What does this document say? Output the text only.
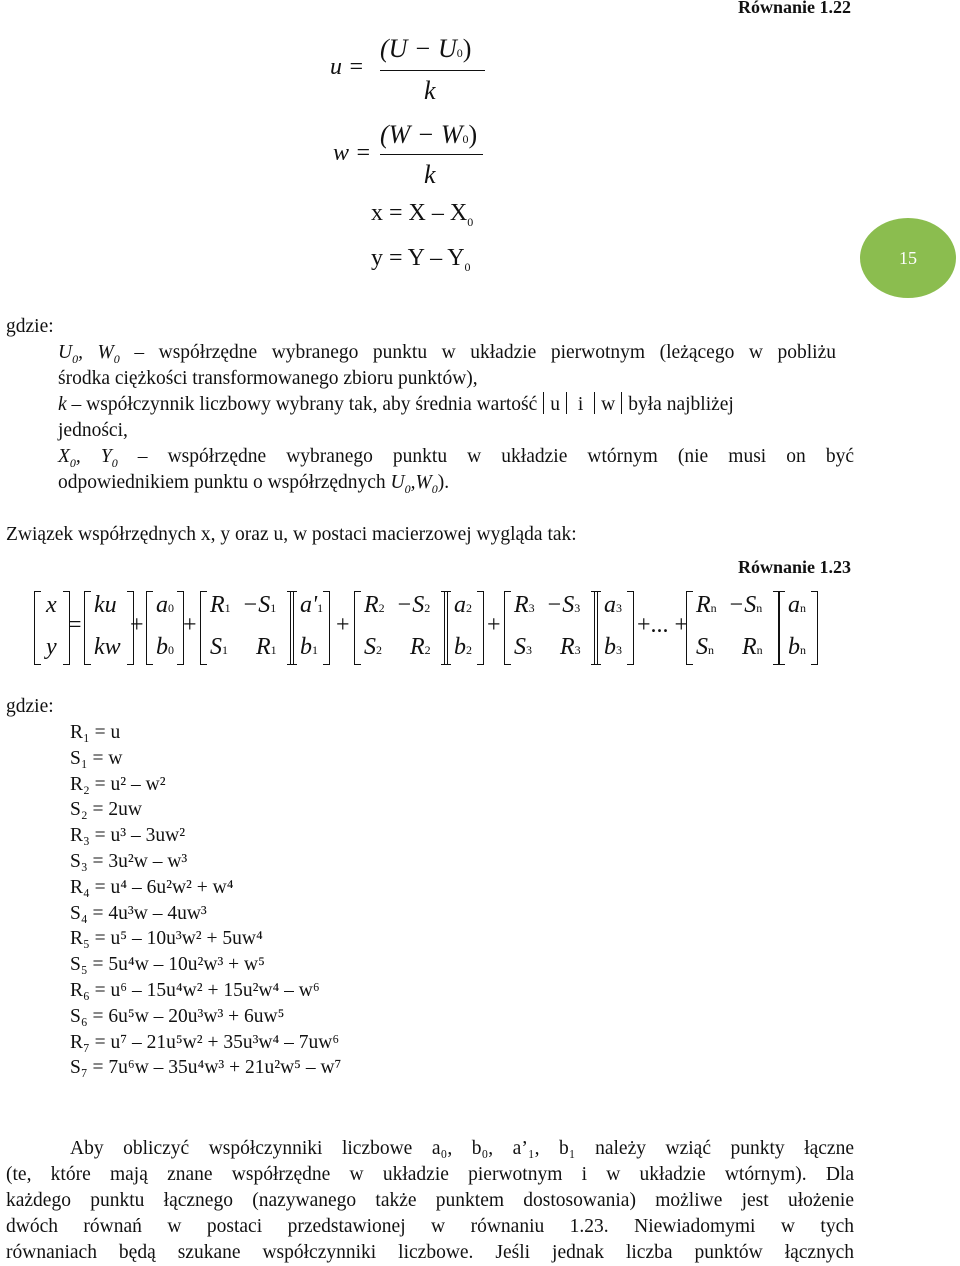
Równanie 1.22
15
u =
(U − U0)
k
w =
(W − W0)
k
$x = X - X_0$
$y = Y - Y_0$
gdzie:
$U_0$, $W_0$ – współrzędne wybranego punktu w układzie pierwotnym (leżącego w pobliżu
środka ciężkości transformowanego zbioru punktów),
k – współczynnik liczbowy wybrany tak, aby średnia wartość u i w była najbliżej
jedności,
$X_0$, $Y_0$ – współrzędne wybranego punktu w układzie wtórnym (nie musi on być
odpowiednikiem punktu o współrzędnych $U_0,W_0$).
Związek współrzędnych x, y oraz u, w postaci macierzowej wygląda tak:
Równanie 1.23
x
y
=
ku
kw
+
a0
b0
+
R1 −S1
S1 R1
a'1
b1
+
R2 −S2
S2 R2
a2
b2
+
R3 −S3
S3 R3
a3
b3
+... +
Rn −Sn
Sn Rn
an
bn
gdzie:
R₁ = u
S₁ = w
R₂ = u² – w²
S₂ = 2uw
R₃ = u³ – 3uw²
S₃ = 3u²w – w³
R₄ = u⁴ – 6u²w² + w⁴
S₄ = 4u³w – 4uw³
R₅ = u⁵ – 10u³w² + 5uw⁴
S₅ = 5u⁴w – 10u²w³ + w⁵
R₆ = u⁶ – 15u⁴w² + 15u²w⁴ – w⁶
S₆ = 6u⁵w – 20u³w³ + 6uw⁵
R₇ = u⁷ – 21u⁵w² + 35u³w⁴ – 7uw⁶
S₇ = 7u⁶w – 35u⁴w³ + 21u²w⁵ – w⁷
Aby obliczyć współczynniki liczbowe a₀, b₀, a’₁, b₁ należy wziąć punkty łączne
(te, które mają znane współrzędne w układzie pierwotnym i w układzie wtórnym). Dla
każdego punktu łącznego (nazywanego także punktem dostosowania) możliwe jest ułożenie
dwóch równań w postaci przedstawionej w równaniu 1.23. Niewiadomymi w tych
równaniach będą szukane współczynniki liczbowe. Jeśli jednak liczba punktów łącznych
